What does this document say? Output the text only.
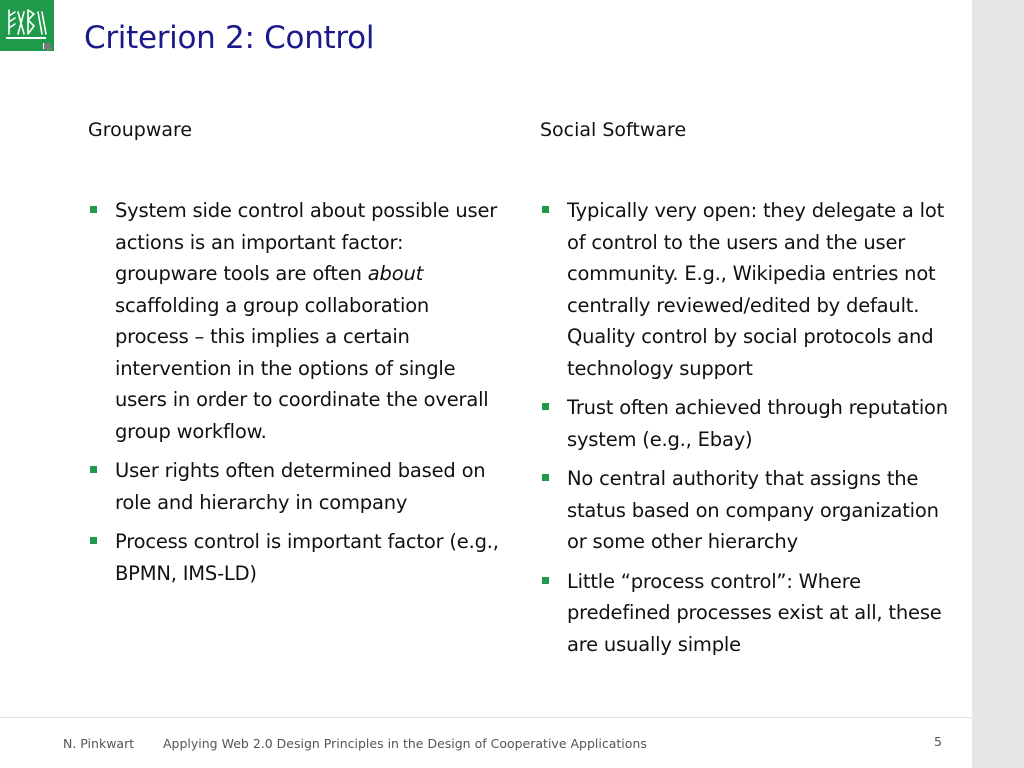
Criterion 2: Control
Groupware	Social Software
System side control about possible user actions is an important factor: groupware tools are often about scaffolding a group collaboration process – this implies a certain intervention in the options of single users in order to coordinate the overall group workflow.
User rights often determined based on role and hierarchy in company
Process control is important factor (e.g., BPMN, IMS-LD)
Typically very open: they delegate a lot of control to the users and the user community. E.g., Wikipedia entries not centrally reviewed/edited by default. Quality control by social protocols and technology support
Trust often achieved through reputation system (e.g., Ebay)
No central authority that assigns the status based on company organization or some other hierarchy
Little “process control”: Where predefined processes exist at all, these are usually simple
N. Pinkwart Applying Web 2.0 Design Principles in the Design of Cooperative Applications	5
